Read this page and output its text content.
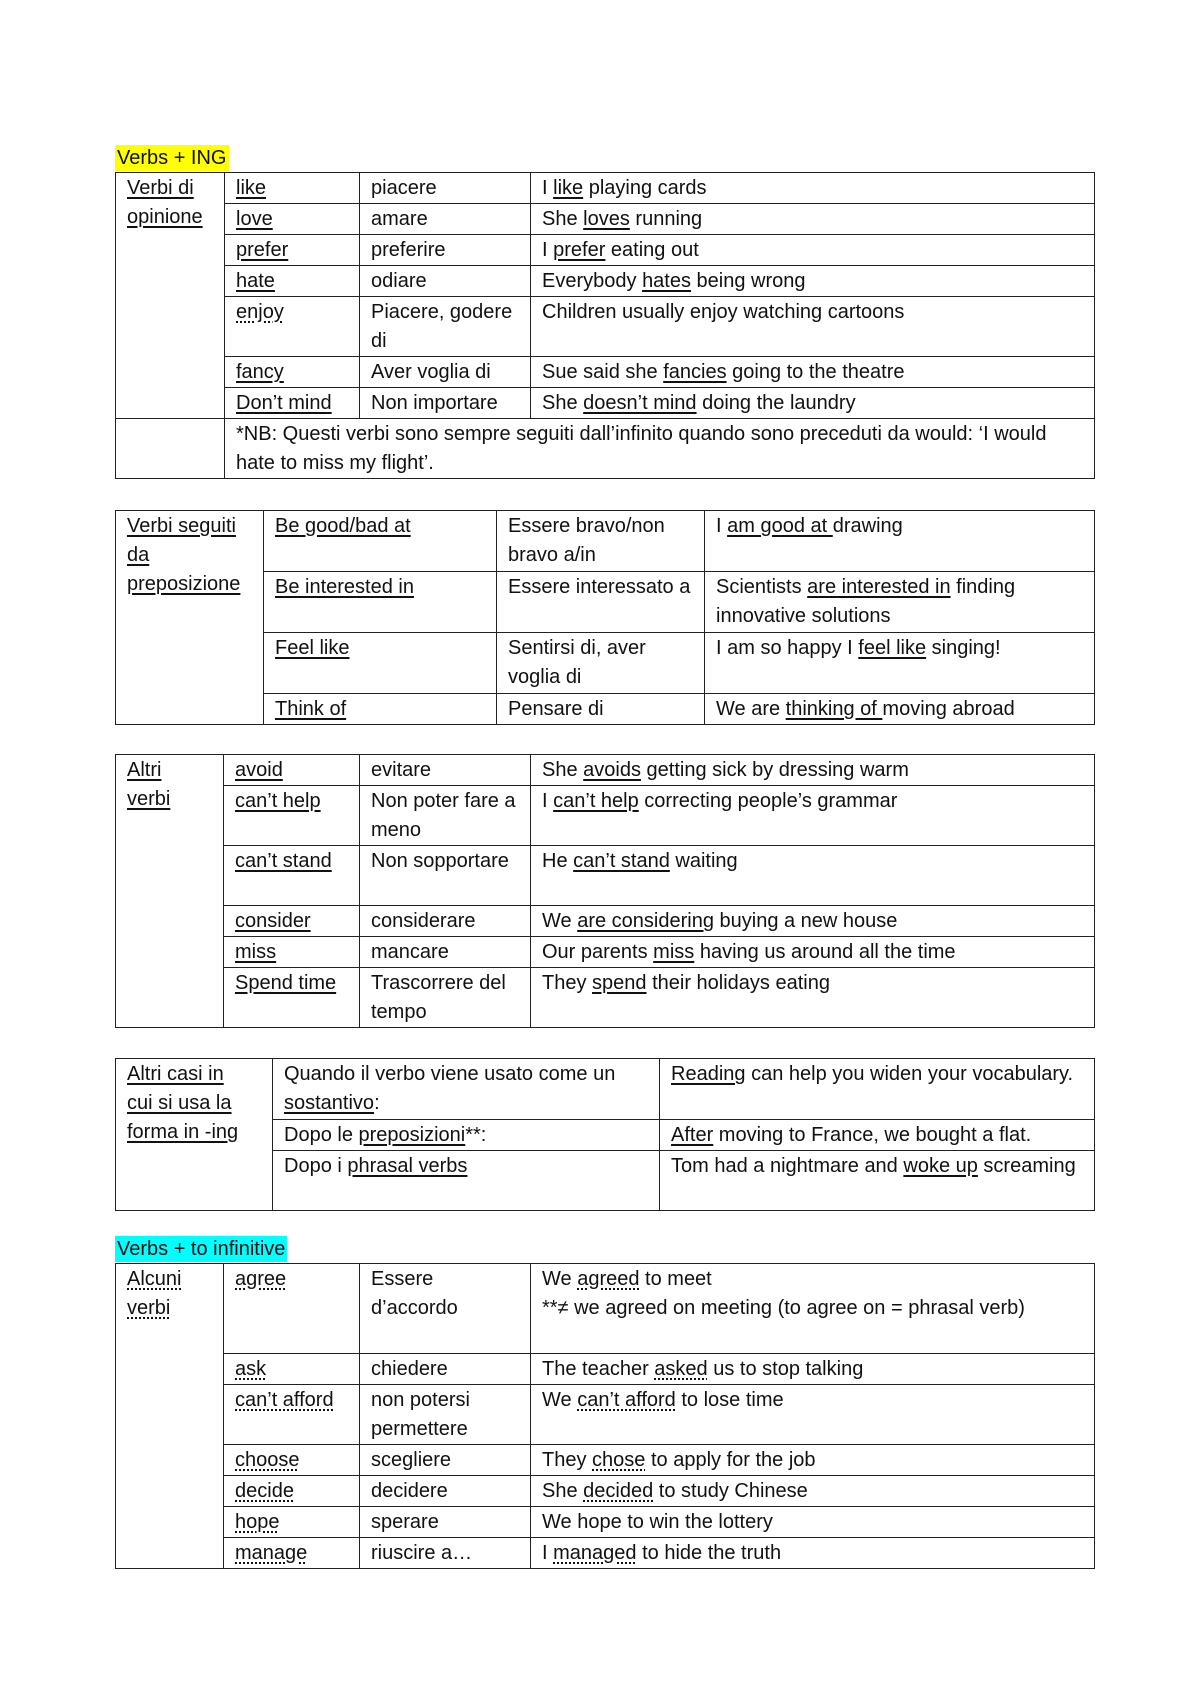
Verbs + ING
Verbi di
opinione	like	piacere	I like playing cards
	love	amare	She loves running
	prefer	preferire	I prefer eating out
	hate	odiare	Everybody hates being wrong
	enjoy	Piacere, godere di	Children usually enjoy watching cartoons
	fancy	Aver voglia di	Sue said she fancies going to the theatre
	Don’t mind	Non importare	She doesn’t mind doing the laundry
	*NB: Questi verbi sono sempre seguiti dall’infinito quando sono preceduti da would: ‘I would hate to miss my flight’.		
Verbi seguiti
da
preposizione	Be good/bad at	Essere bravo/non bravo a/in	I am good at drawing
	Be interested in	Essere interessato a	Scientists are interested in finding innovative solutions
	Feel like	Sentirsi di, aver voglia di	I am so happy I feel like singing!
	Think of	Pensare di	We are thinking of moving abroad
Altri
verbi	avoid	evitare	She avoids getting sick by dressing warm
	can’t help	Non poter fare a meno	I can’t help correcting people’s grammar
	can’t stand	Non sopportare	He can’t stand waiting
	consider	considerare	We are considering buying a new house
	miss	mancare	Our parents miss having us around all the time
	Spend time	Trascorrere del tempo	They spend their holidays eating
Altri casi in
cui si usa la
forma in -ing	Quando il verbo viene usato come un sostantivo:	Reading can help you widen your vocabulary.
	Dopo le preposizioni**:	After moving to France, we bought a flat.
	Dopo i phrasal verbs	Tom had a nightmare and woke up screaming
Verbs + to infinitive
Alcuni
verbi	agree	Essere d’accordo	We agreed to meet
**≠ we agreed on meeting (to agree on = phrasal verb)
	ask	chiedere	The teacher asked us to stop talking
	can’t afford	non potersi permettere	We can’t afford to lose time
	choose	scegliere	They chose to apply for the job
	decide	decidere	She decided to study Chinese
	hope	sperare	We hope to win the lottery
	manage	riuscire a…	I managed to hide the truth
